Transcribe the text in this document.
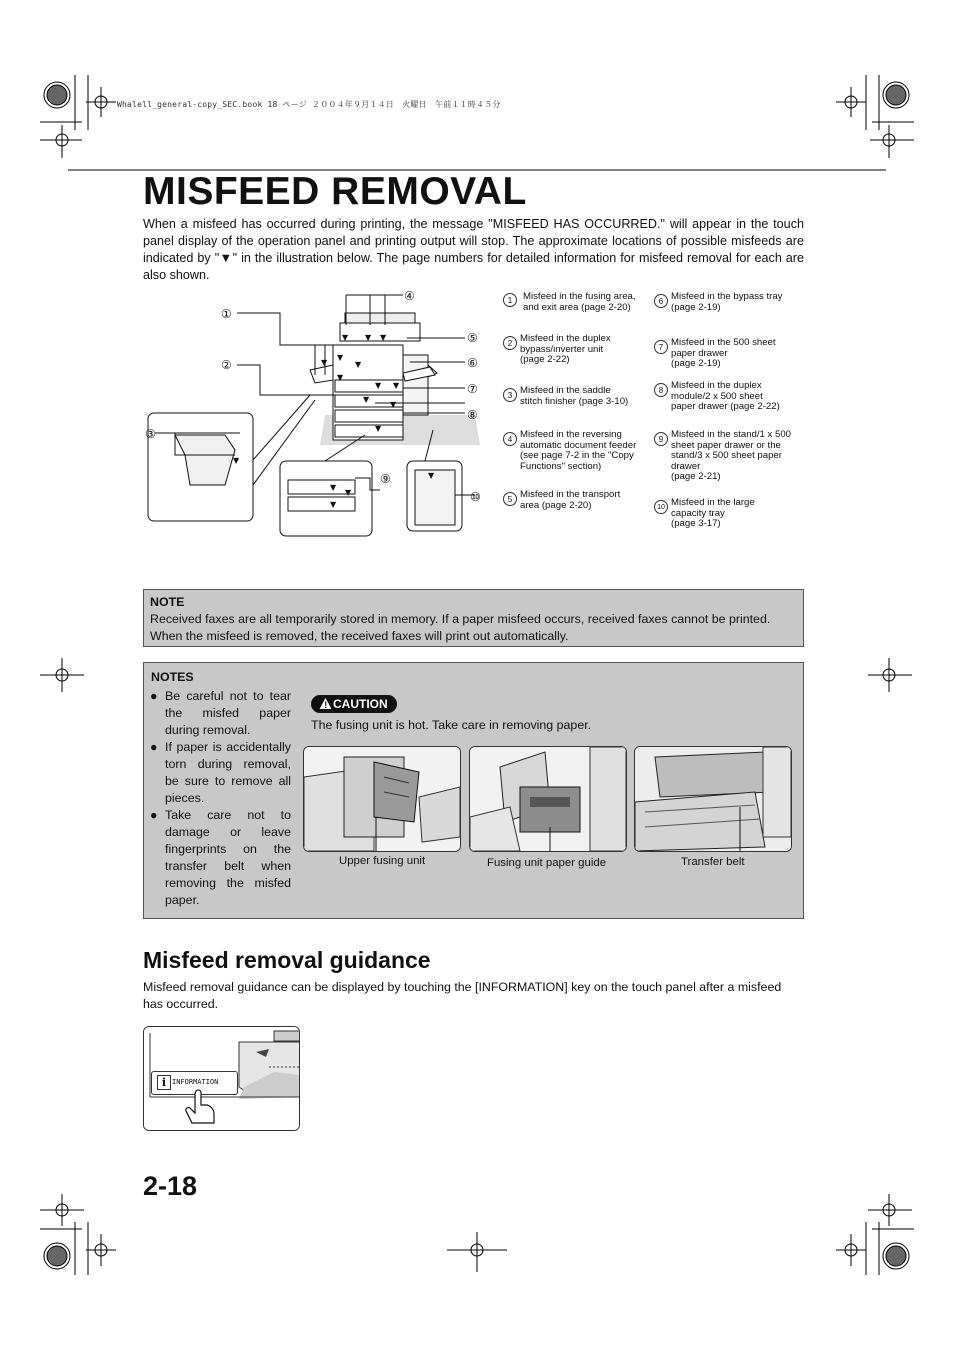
Whalell_general-copy_SEC.book 18 ページ ２００４年９月１４日　火曜日　午前１１時４５分
MISFEED REMOVAL

When a misfeed has occurred during printing, the message "MISFEED HAS OCCURRED." will appear in the touch panel display of the operation panel and printing output will stop. The approximate locations of possible misfeeds are indicated by "▼" in the illustration below. The page numbers for detailed information for misfeed removal for each are also shown.

▼ ▼ ▼
▼
▼
▼
▼
▼ ▼
▼
▼
▼
▼
▼
▼
▼
▼
①
②
③
④
⑤
⑥
⑦
⑧
⑨
⑩
1	Misfeed in the fusing area,
and exit area (page 2-20)
2 Misfeed in the duplex
bypass/inverter unit
(page 2-22)
3 Misfeed in the saddle
stitch finisher (page 3-10)
4 Misfeed in the reversing
automatic document feeder
(see page 7-2 in the "Copy
Functions" section)
5 Misfeed in the transport
area (page 2-20)
6 Misfeed in the bypass tray
(page 2-19)
7 Misfeed in the 500 sheet
paper drawer
(page 2-19)
8 Misfeed in the duplex
module/2 x 500 sheet
paper drawer (page 2-22)
9 Misfeed in the stand/1 x 500
sheet paper drawer or the
stand/3 x 500 sheet paper
drawer
(page 2-21)
10 Misfeed in the large
capacity tray
(page 3-17)
NOTE
Received faxes are all temporarily stored in memory. If a paper misfeed occurs, received faxes cannot be printed. When the misfeed is removed, the received faxes will print out automatically.
NOTES
● Be careful not to tear the misfed paper during removal.
● If paper is accidentally torn during removal, be sure to remove all pieces.
● Take care not to damage or leave fingerprints on the transfer belt when removing the misfed paper.
! CAUTION
The fusing unit is hot. Take care in removing paper.
Upper fusing unit	Fusing unit paper guide	Transfer belt
Misfeed removal guidance

Misfeed removal guidance can be displayed by touching the [INFORMATION] key on the touch panel after a misfeed has occurred.

i INFORMATION
2-18
